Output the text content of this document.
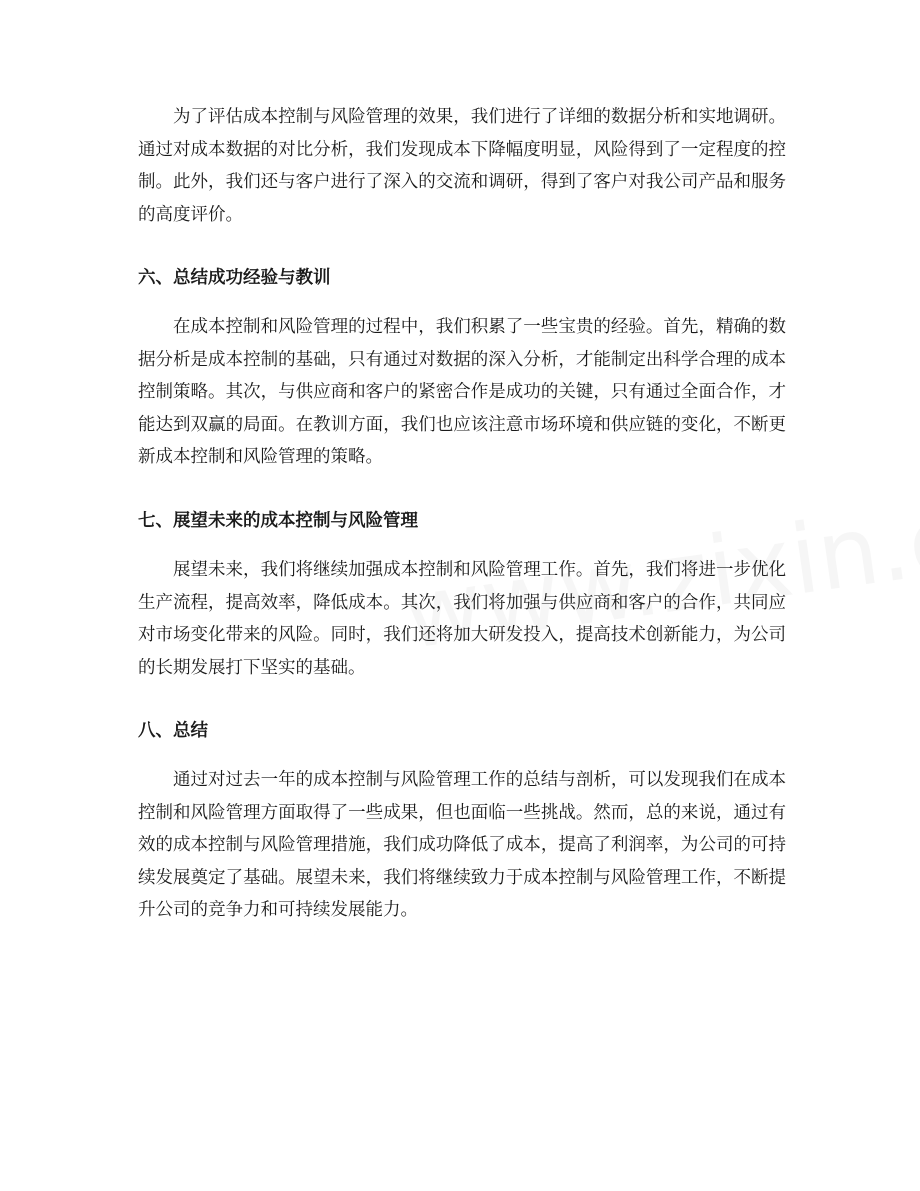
为了评估成本控制与风险管理的效果，我们进行了详细的数据分析和实地调研。通过对成本数据的对比分析，我们发现成本下降幅度明显，风险得到了一定程度的控制。此外，我们还与客户进行了深入的交流和调研，得到了客户对我公司产品和服务的高度评价。

六、总结成功经验与教训

在成本控制和风险管理的过程中，我们积累了一些宝贵的经验。首先，精确的数据分析是成本控制的基础，只有通过对数据的深入分析，才能制定出科学合理的成本控制策略。其次，与供应商和客户的紧密合作是成功的关键，只有通过全面合作，才能达到双赢的局面。在教训方面，我们也应该注意市场环境和供应链的变化，不断更新成本控制和风险管理的策略。

七、展望未来的成本控制与风险管理

展望未来，我们将继续加强成本控制和风险管理工作。首先，我们将进一步优化生产流程，提高效率，降低成本。其次，我们将加强与供应商和客户的合作，共同应对市场变化带来的风险。同时，我们还将加大研发投入，提高技术创新能力，为公司的长期发展打下坚实的基础。

八、总结

通过对过去一年的成本控制与风险管理工作的总结与剖析，可以发现我们在成本控制和风险管理方面取得了一些成果，但也面临一些挑战。然而，总的来说，通过有效的成本控制与风险管理措施，我们成功降低了成本，提高了利润率，为公司的可持续发展奠定了基础。展望未来，我们将继续致力于成本控制与风险管理工作，不断提升公司的竞争力和可持续发展能力。
